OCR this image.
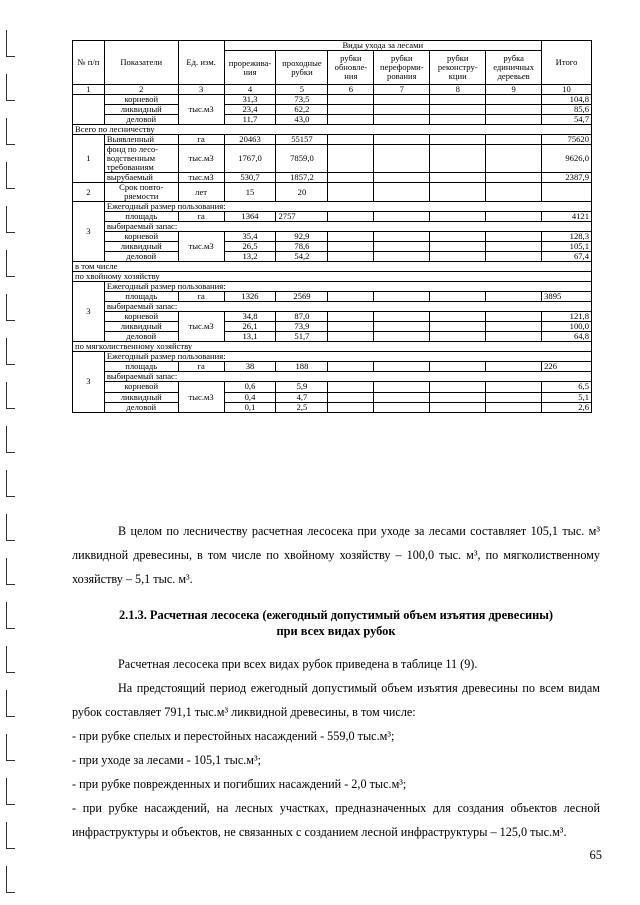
№ п/п	Показатели	Ед. изм.	Виды ухода за лесами						Итого
			прорежива-ния	проходные рубки	рубки обновле-ния	рубки переформи-рования	рубки реконстру-кции	рубка единичных деревьев	
1	2	3	4	5	6	7	8	9	10
	корневой	тыс.м3	31,3	73,5					104,8
	ликвидный		23,4	62,2					85,6
	деловой		11,7	43,0					54,7
Всего по лесничеству									
1	Выявленный	га	20463	55157					75620
	фонд по лесо-водственным требованиям	тыс.м3	1767,0	7859,0					9626,0
	вырубаемый	тыс.м3	530,7	1857,2					2387,9
2	Срок повто-ряемости	лет	15	20					
3	Ежегодный размер пользования:								
	площадь	га	1364	2757					4121
	выбираемый запас:								
	корневой	тыс.м3	35,4	92,9					128,3
	ликвидный		26,5	78,6					105,1
	деловой		13,2	54,2					67,4
в том числе									
по хвойному хозяйству									
3	Ежегодный размер пользования:								
	площадь	га	1326	2569					3895
	выбираемый запас:								
	корневой	тыс.м3	34,8	87,0					121,8
	ликвидный		26,1	73,9					100,0
	деловой		13,1	51,7					64,8
по мягколиственному хозяйству									
3	Ежегодный размер пользования:								
	площадь	га	38	188					226
	выбираемый запас:								
	корневой	тыс.м3	0,6	5,9					6,5
	ликвидный		0,4	4,7					5,1
	деловой		0,1	2,5					2,6
В целом по лесничеству расчетная лесосека при уходе за лесами составляет 105,1 тыс. м³ ликвидной древесины, в том числе по хвойному хозяйству – 100,0 тыс. м³, по мягколиственному хозяйству – 5,1 тыс. м³.
2.1.3. Расчетная лесосека (ежегодный допустимый объем изъятия древесины)
при всех видах рубок
Расчетная лесосека при всех видах рубок приведена в таблице 11 (9).
На предстоящий период ежегодный допустимый объем изъятия древесины по всем видам рубок составляет 791,1 тыс.м³ ликвидной древесины, в том числе:
- при рубке спелых и перестойных насаждений - 559,0 тыс.м³;
- при уходе за лесами - 105,1 тыс.м³;
- при рубке поврежденных и погибших насаждений - 2,0 тыс.м³;
- при рубке насаждений, на лесных участках, предназначенных для создания объектов лесной инфраструктуры и объектов, не связанных с созданием лесной инфраструктуры – 125,0 тыс.м³.
65
